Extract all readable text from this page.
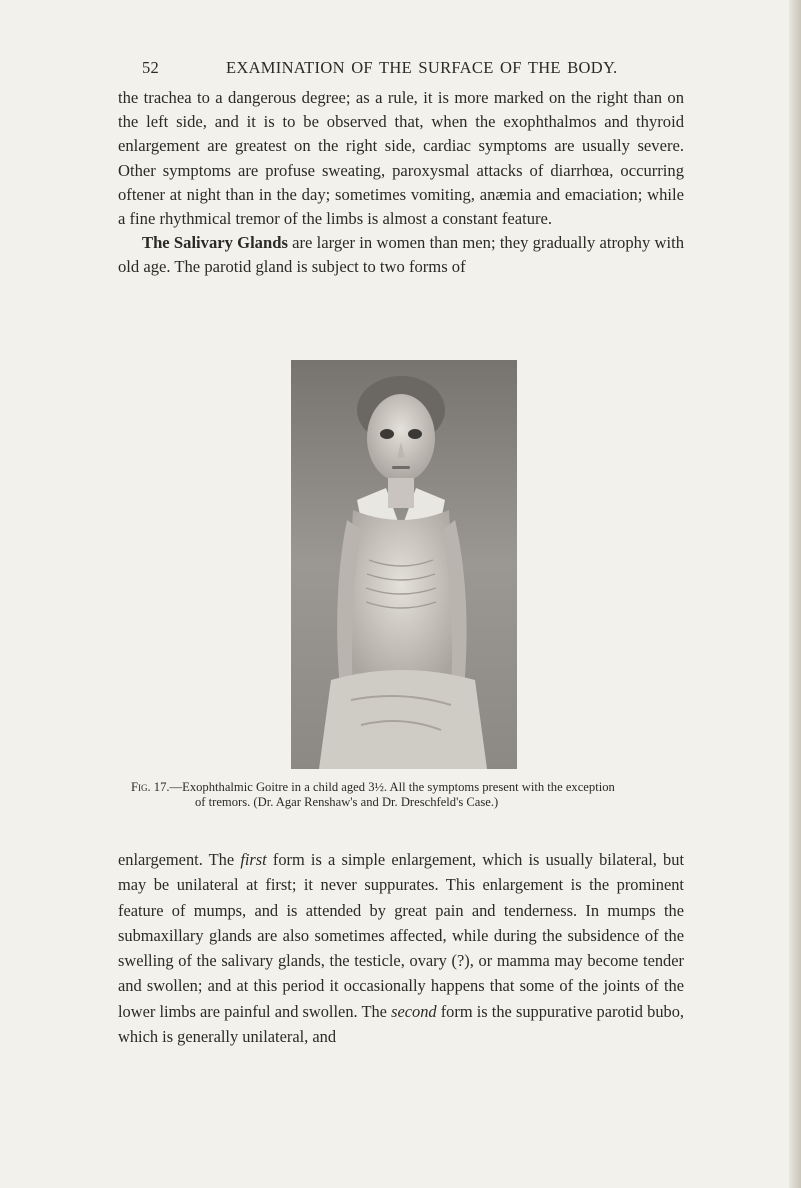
52	EXAMINATION OF THE SURFACE OF THE BODY.

the trachea to a dangerous degree; as a rule, it is more marked on the right than on the left side, and it is to be observed that, when the exophthalmos and thyroid enlargement are greatest on the right side, cardiac symptoms are usually severe. Other symptoms are profuse sweating, paroxysmal attacks of diarrhœa, occurring oftener at night than in the day; sometimes vomiting, anæmia and emaciation; while a fine rhythmical tremor of the limbs is almost a constant feature.

The Salivary Glands are larger in women than men; they gradually atrophy with old age. The parotid gland is subject to two forms of

Fig. 17.—Exophthalmic Goitre in a child aged 3½. All the symptoms present with the exception
of tremors. (Dr. Agar Renshaw's and Dr. Dreschfeld's Case.)

enlargement. The first form is a simple enlargement, which is usually bilateral, but may be unilateral at first; it never suppurates. This enlargement is the prominent feature of mumps, and is attended by great pain and tenderness. In mumps the submaxillary glands are also sometimes affected, while during the subsidence of the swelling of the salivary glands, the testicle, ovary (?), or mamma may become tender and swollen; and at this period it occasionally happens that some of the joints of the lower limbs are painful and swollen. The second form is the suppurative parotid bubo, which is generally unilateral, and
